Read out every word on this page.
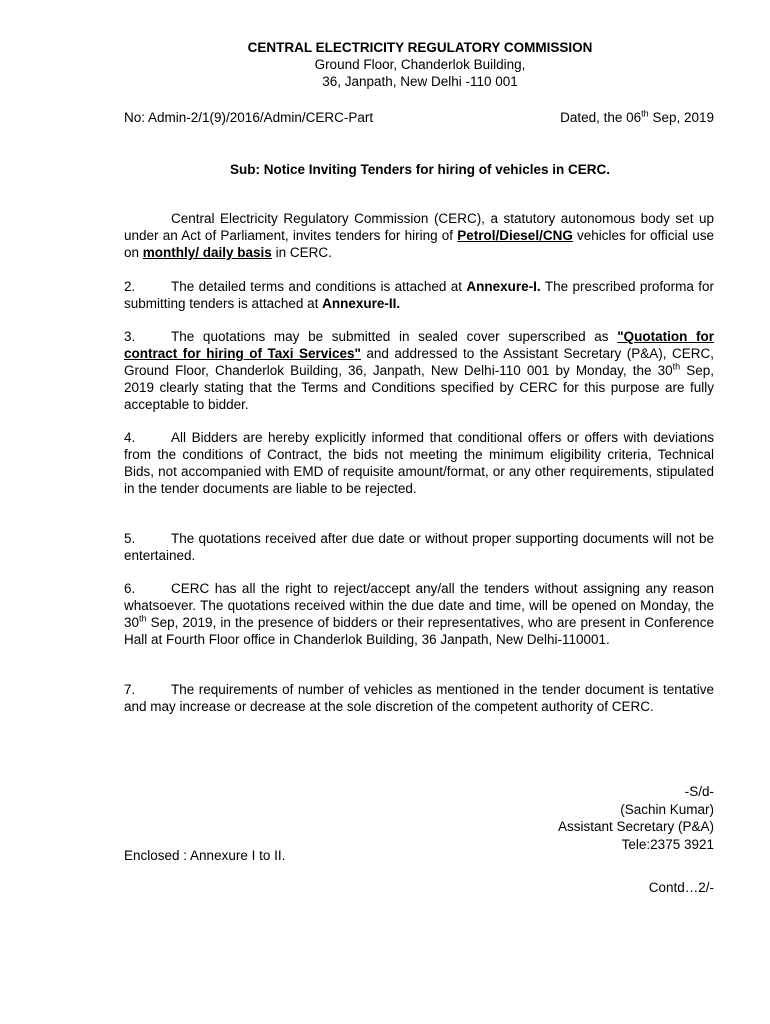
CENTRAL ELECTRICITY REGULATORY COMMISSION
Ground Floor, Chanderlok Building,
36, Janpath, New Delhi -110 001
No: Admin-2/1(9)/2016/Admin/CERC-Part	Dated, the 06th Sep, 2019
Sub: Notice Inviting Tenders for hiring of vehicles in CERC.
Central Electricity Regulatory Commission (CERC), a statutory autonomous body set up under an Act of Parliament, invites tenders for hiring of Petrol/Diesel/CNG vehicles for official use on monthly/ daily basis in CERC.
2.	The detailed terms and conditions is attached at Annexure-I. The prescribed proforma for submitting tenders is attached at Annexure-II.
3.	The quotations may be submitted in sealed cover superscribed as "Quotation for contract for hiring of Taxi Services" and addressed to the Assistant Secretary (P&A), CERC, Ground Floor, Chanderlok Building, 36, Janpath, New Delhi-110 001 by Monday, the 30th Sep, 2019 clearly stating that the Terms and Conditions specified by CERC for this purpose are fully acceptable to bidder.
4.	All Bidders are hereby explicitly informed that conditional offers or offers with deviations from the conditions of Contract, the bids not meeting the minimum eligibility criteria, Technical Bids, not accompanied with EMD of requisite amount/format, or any other requirements, stipulated in the tender documents are liable to be rejected.
5.	The quotations received after due date or without proper supporting documents will not be entertained.
6.	CERC has all the right to reject/accept any/all the tenders without assigning any reason whatsoever. The quotations received within the due date and time, will be opened on Monday, the 30th Sep, 2019, in the presence of bidders or their representatives, who are present in Conference Hall at Fourth Floor office in Chanderlok Building, 36 Janpath, New Delhi-110001.
7.	The requirements of number of vehicles as mentioned in the tender document is tentative and may increase or decrease at the sole discretion of the competent authority of CERC.
-S/d-
(Sachin Kumar)
Assistant Secretary (P&A)
Tele:2375 3921
Enclosed : Annexure I to II.
Contd…2/-
